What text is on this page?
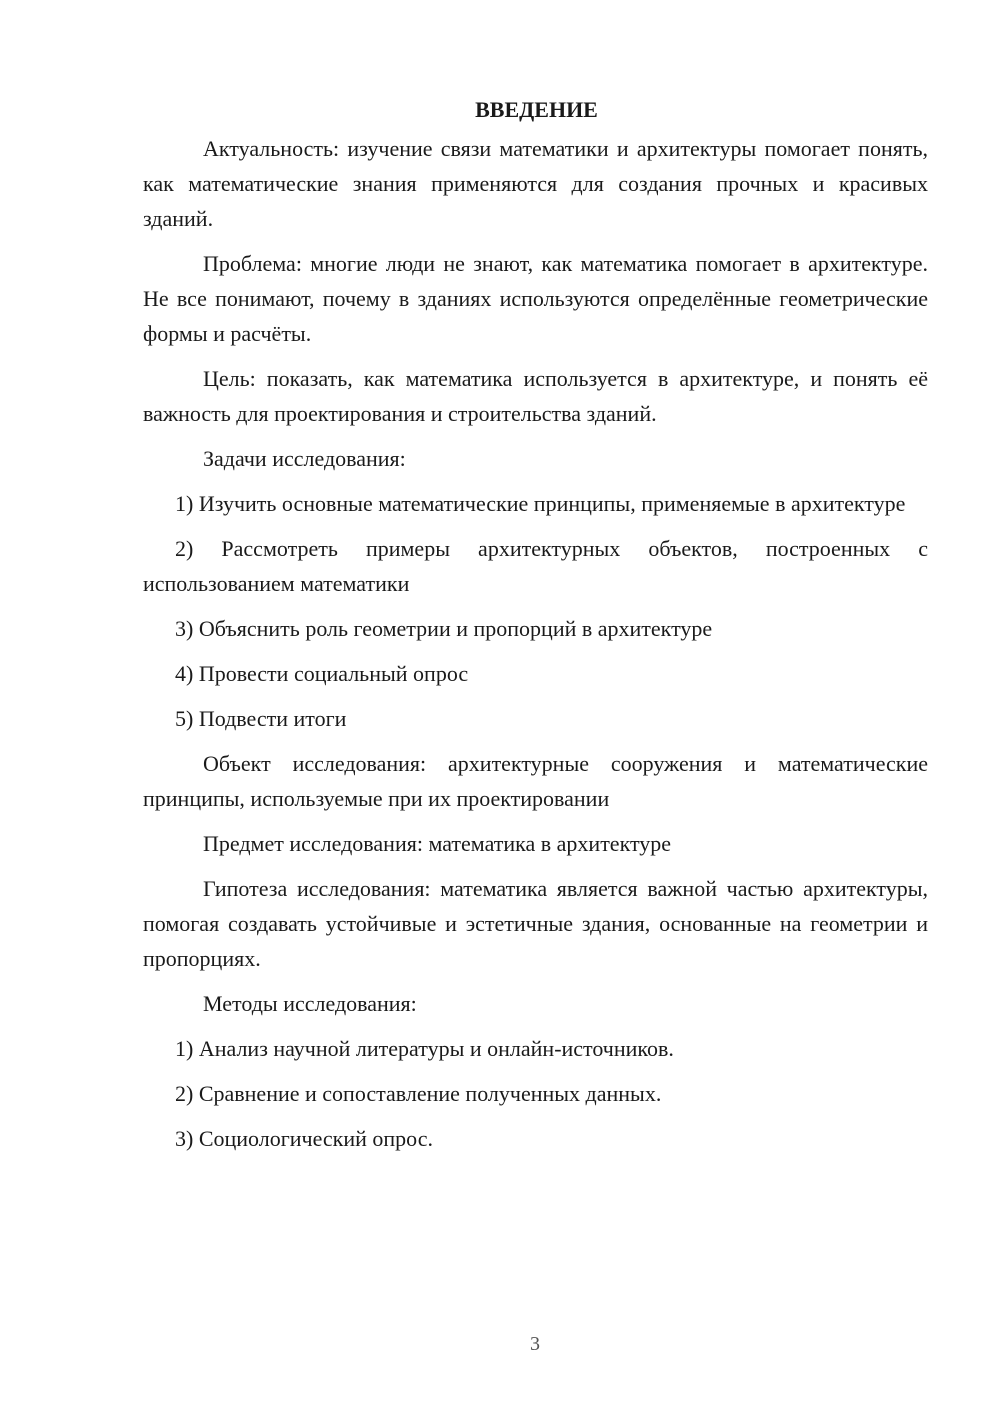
ВВЕДЕНИЕ

Актуальность: изучение связи математики и архитектуры помогает понять, как математические знания применяются для создания прочных и красивых зданий.

Проблема: многие люди не знают, как математика помогает в архитектуре. Не все понимают, почему в зданиях используются определённые геометрические формы и расчёты.

Цель: показать, как математика используется в архитектуре, и понять её важность для проектирования и строительства зданий.

Задачи исследования:

1) Изучить основные математические принципы, применяемые в архитектуре

2) Рассмотреть примеры архитектурных объектов, построенных с использованием математики

3) Объяснить роль геометрии и пропорций в архитектуре

4) Провести социальный опрос

5) Подвести итоги

Объект исследования: архитектурные сооружения и математические принципы, используемые при их проектировании

Предмет исследования: математика в архитектуре

Гипотеза исследования: математика является важной частью архитектуры, помогая создавать устойчивые и эстетичные здания, основанные на геометрии и пропорциях.

Методы исследования:

1) Анализ научной литературы и онлайн-источников.

2) Сравнение и сопоставление полученных данных.

3) Социологический опрос.

3
